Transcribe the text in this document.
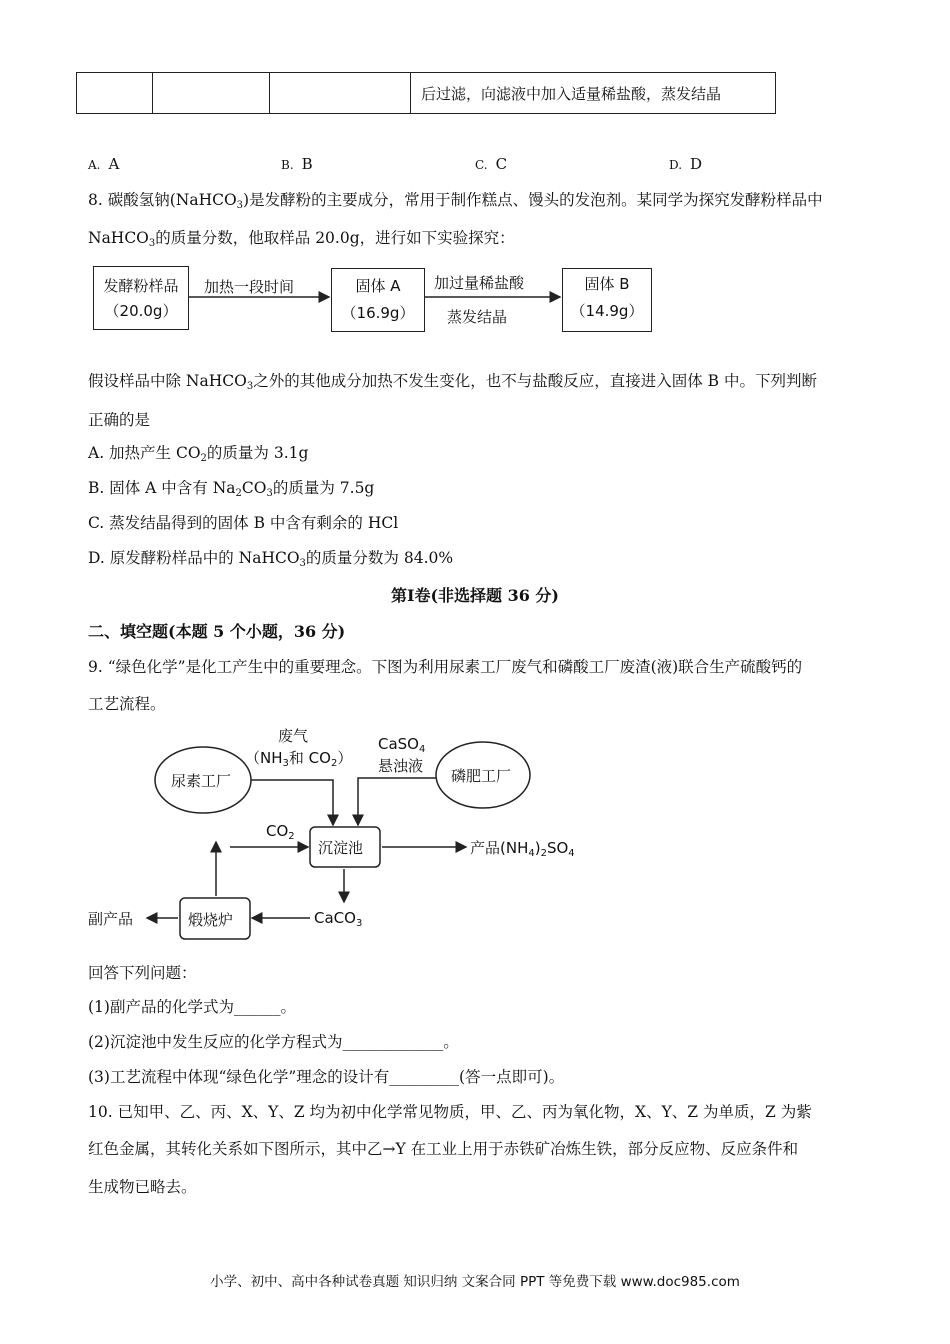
			后过滤，向滤液中加入适量稀盐酸，蒸发结晶
A. A	B. B	C. C	D. D
8. 碳酸氢钠(NaHCO$_3$)是发酵粉的主要成分，常用于制作糕点、馒头的发泡剂。某同学为探究发酵粉样品中
NaHCO$_3$的质量分数，他取样品 20.0g，进行如下实验探究：
发酵粉样品
（20.0g）
固体 A
（16.9g）
固体 B
（14.9g）
加热一段时间	加过量稀盐酸
蒸发结晶
假设样品中除 NaHCO$_3$之外的其他成分加热不发生变化，也不与盐酸反应，直接进入固体 B 中。下列判断
正确的是
A. 加热产生 $CO_2$的质量为 3.1g
B. 固体 A 中含有 $Na_2CO_3$的质量为 7.5g
C. 蒸发结晶得到的固体 B 中含有剩余的 HCl
D. 原发酵粉样品中的 NaHCO$_3$的质量分数为 84.0%
第Ⅰ卷(非选择题 36 分)
二、填空题(本题 5 个小题，36 分)
9. “绿色化学”是化工产生中的重要理念。下图为利用尿素工厂废气和磷酸工厂废渣(液)联合生产硫酸钙的
工艺流程。
尿素工厂
废气
（$NH_3$和 $CO_2$）
CaSO$_4$
悬浊液
磷肥工厂
$CO_2$
沉淀池	产品$(NH_4)_2SO_4$
煅烧炉	CaCO$_3$
副产品
回答下列问题：
(1)副产品的化学式为______。
(2)沉淀池中发生反应的化学方程式为_____________。
(3)工艺流程中体现“绿色化学”理念的设计有_________(答一点即可)。
10. 已知甲、乙、丙、X、Y、Z 均为初中化学常见物质，甲、乙、丙为氧化物，X、Y、Z 为单质，Z 为紫
红色金属，其转化关系如下图所示，其中乙→Y 在工业上用于赤铁矿冶炼生铁，部分反应物、反应条件和
生成物已略去。
小学、初中、高中各种试卷真题 知识归纳 文案合同 PPT 等免费下载 www.doc985.com
